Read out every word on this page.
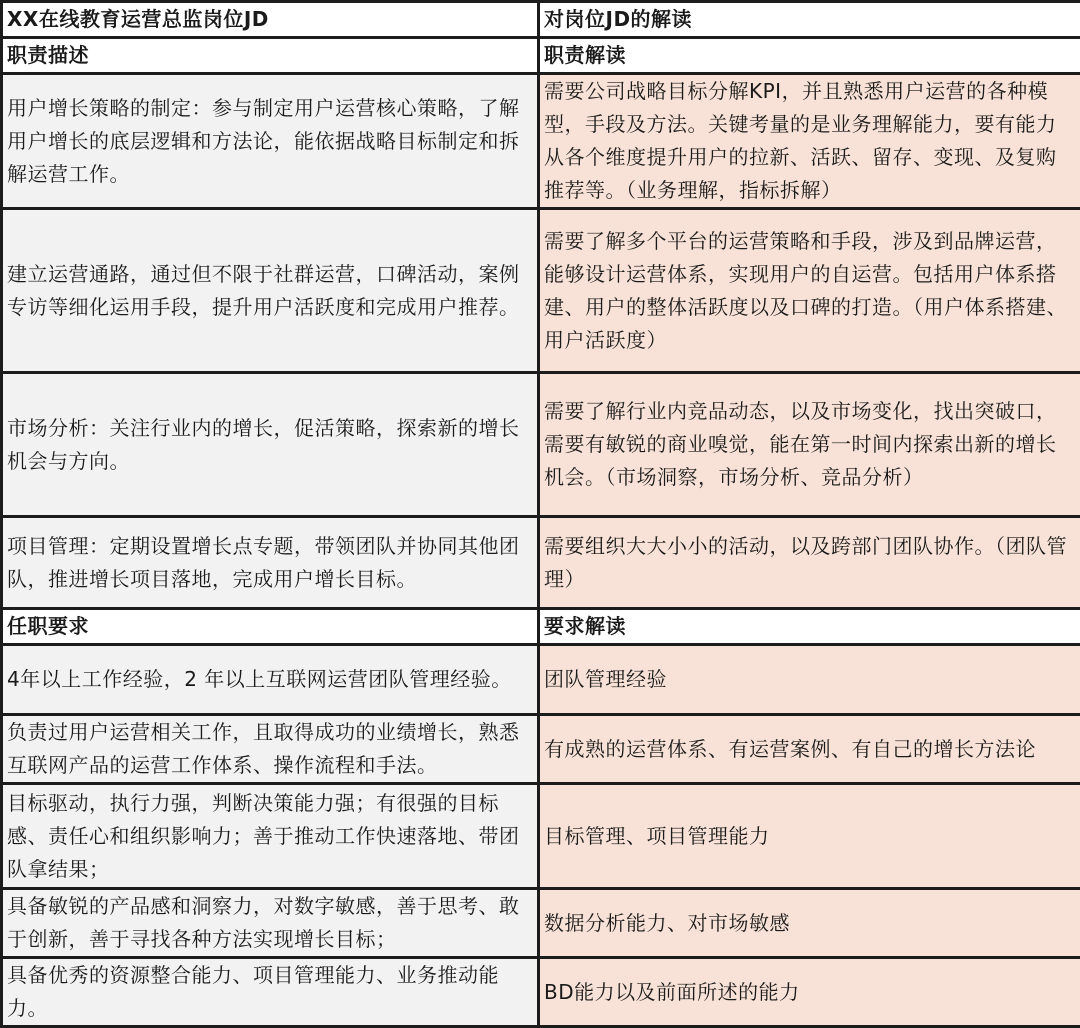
XX在线教育运营总监岗位JD	对岗位JD的解读
职责描述	职责解读
用户增长策略的制定：参与制定用户运营核心策略，了解用户增长的底层逻辑和方法论，能依据战略目标制定和拆解运营工作。	需要公司战略目标分解KPI，并且熟悉用户运营的各种模型，手段及方法。关键考量的是业务理解能力，要有能力从各个维度提升用户的拉新、活跃、留存、变现、及复购推荐等。（业务理解，指标拆解）
建立运营通路，通过但不限于社群运营，口碑活动，案例专访等细化运用手段，提升用户活跃度和完成用户推荐。	需要了解多个平台的运营策略和手段，涉及到品牌运营，能够设计运营体系，实现用户的自运营。包括用户体系搭建、用户的整体活跃度以及口碑的打造。（用户体系搭建、用户活跃度）
市场分析：关注行业内的增长，促活策略，探索新的增长机会与方向。	需要了解行业内竞品动态，以及市场变化，找出突破口，需要有敏锐的商业嗅觉，能在第一时间内探索出新的增长机会。（市场洞察，市场分析、竞品分析）
项目管理：定期设置增长点专题，带领团队并协同其他团队，推进增长项目落地，完成用户增长目标。	需要组织大大小小的活动，以及跨部门团队协作。（团队管理）
任职要求	要求解读
4年以上工作经验，2 年以上互联网运营团队管理经验。	团队管理经验
负责过用户运营相关工作，且取得成功的业绩增长，熟悉互联网产品的运营工作体系、操作流程和手法。	有成熟的运营体系、有运营案例、有自己的增长方法论
目标驱动，执行力强，判断决策能力强；有很强的目标感、责任心和组织影响力；善于推动工作快速落地、带团队拿结果；	目标管理、项目管理能力
具备敏锐的产品感和洞察力，对数字敏感，善于思考、敢于创新，善于寻找各种方法实现增长目标；	数据分析能力、对市场敏感
具备优秀的资源整合能力、项目管理能力、业务推动能力。	BD能力以及前面所述的能力
